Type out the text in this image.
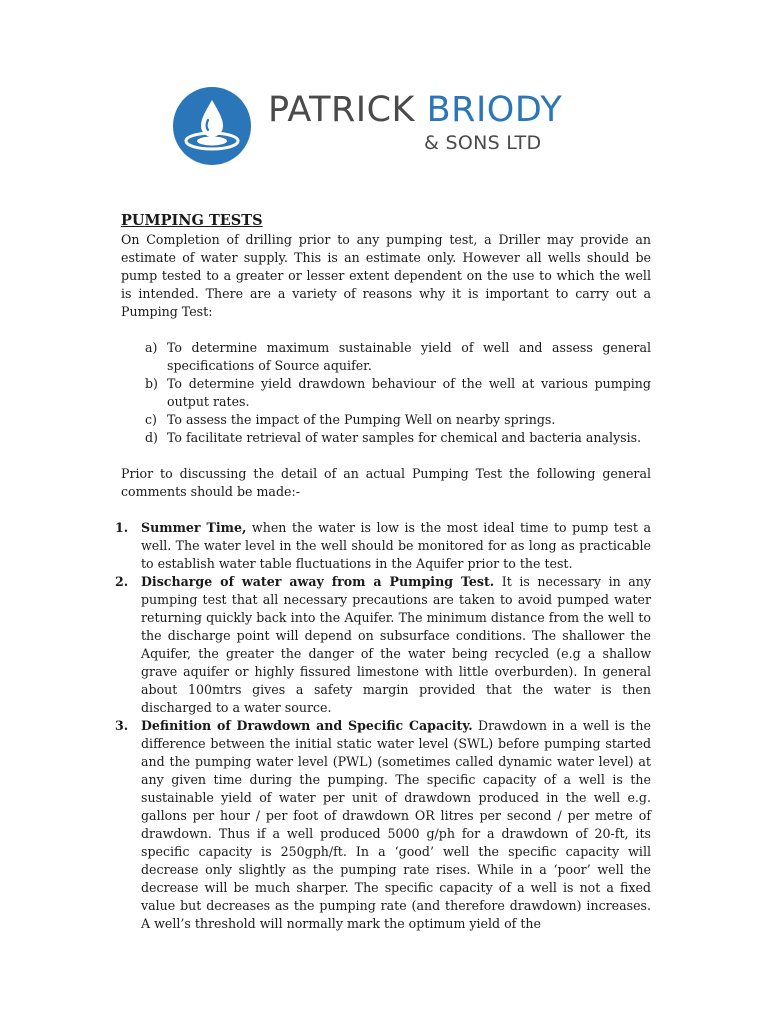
PATRICK BRIODY
& SONS LTD
PUMPING TESTS

On Completion of drilling prior to any pumping test, a Driller may provide an estimate of water supply. This is an estimate only. However all wells should be pump tested to a greater or lesser extent dependent on the use to which the well is intended. There are a variety of reasons why it is important to carry out a Pumping Test:

a) To determine maximum sustainable yield of well and assess general specifications of Source aquifer.
b) To determine yield drawdown behaviour of the well at various pumping output rates.
c) To assess the impact of the Pumping Well on nearby springs.
d) To facilitate retrieval of water samples for chemical and bacteria analysis.

Prior to discussing the detail of an actual Pumping Test the following general comments should be made:-

1. Summer Time, when the water is low is the most ideal time to pump test a well. The water level in the well should be monitored for as long as practicable to establish water table fluctuations in the Aquifer prior to the test.
2. Discharge of water away from a Pumping Test. It is necessary in any pumping test that all necessary precautions are taken to avoid pumped water returning quickly back into the Aquifer. The minimum distance from the well to the discharge point will depend on subsurface conditions. The shallower the Aquifer, the greater the danger of the water being recycled (e.g a shallow grave aquifer or highly fissured limestone with little overburden). In general about 100mtrs gives a safety margin provided that the water is then discharged to a water source.
3. Definition of Drawdown and Specific Capacity. Drawdown in a well is the difference between the initial static water level (SWL) before pumping started and the pumping water level (PWL) (sometimes called dynamic water level) at any given time during the pumping. The specific capacity of a well is the sustainable yield of water per unit of drawdown produced in the well e.g. gallons per hour / per foot of drawdown OR litres per second / per metre of drawdown. Thus if a well produced 5000 g/ph for a drawdown of 20-ft, its specific capacity is 250gph/ft. In a ‘good’ well the specific capacity will decrease only slightly as the pumping rate rises. While in a ‘poor’ well the decrease will be much sharper. The specific capacity of a well is not a fixed value but decreases as the pumping rate (and therefore drawdown) increases. A well’s threshold will normally mark the optimum yield of the
